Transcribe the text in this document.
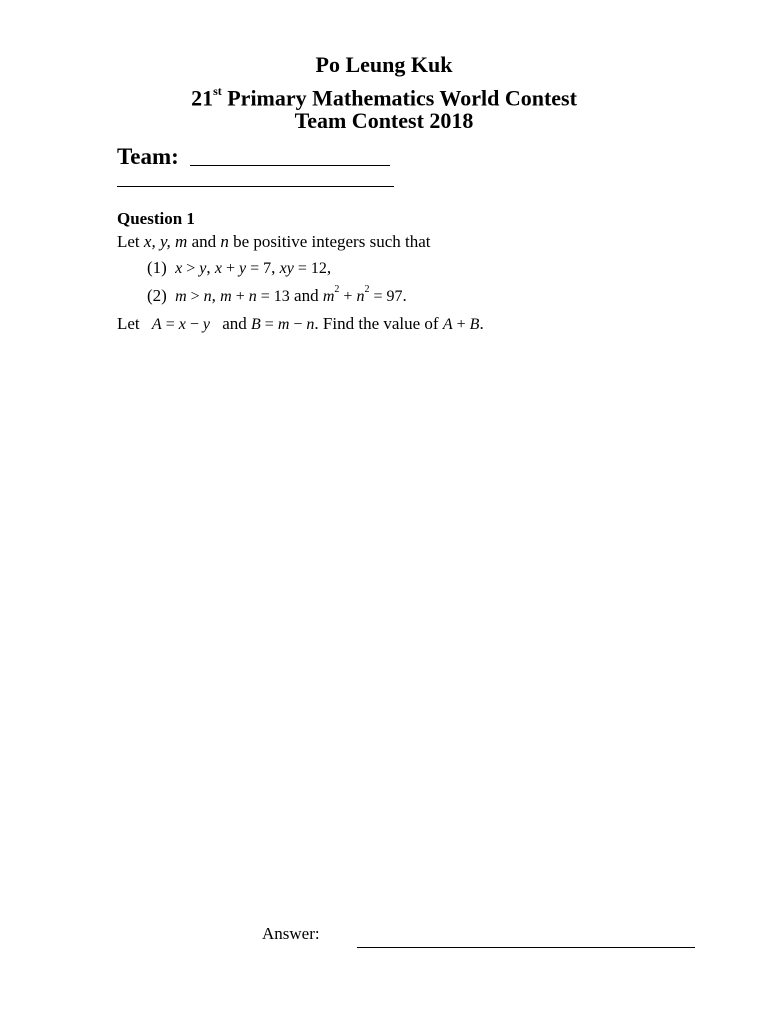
Po Leung Kuk
21st Primary Mathematics World Contest
Team Contest 2018
Team:
Question 1
Let x, y, m and n be positive integers such that
(1) x > y, x + y = 7, xy = 12,
(2) m > n, m + n = 13 and $m^2 + n^2 = 97$.
Let A = x − y and B = m − n. Find the value of A + B.
Answer:
